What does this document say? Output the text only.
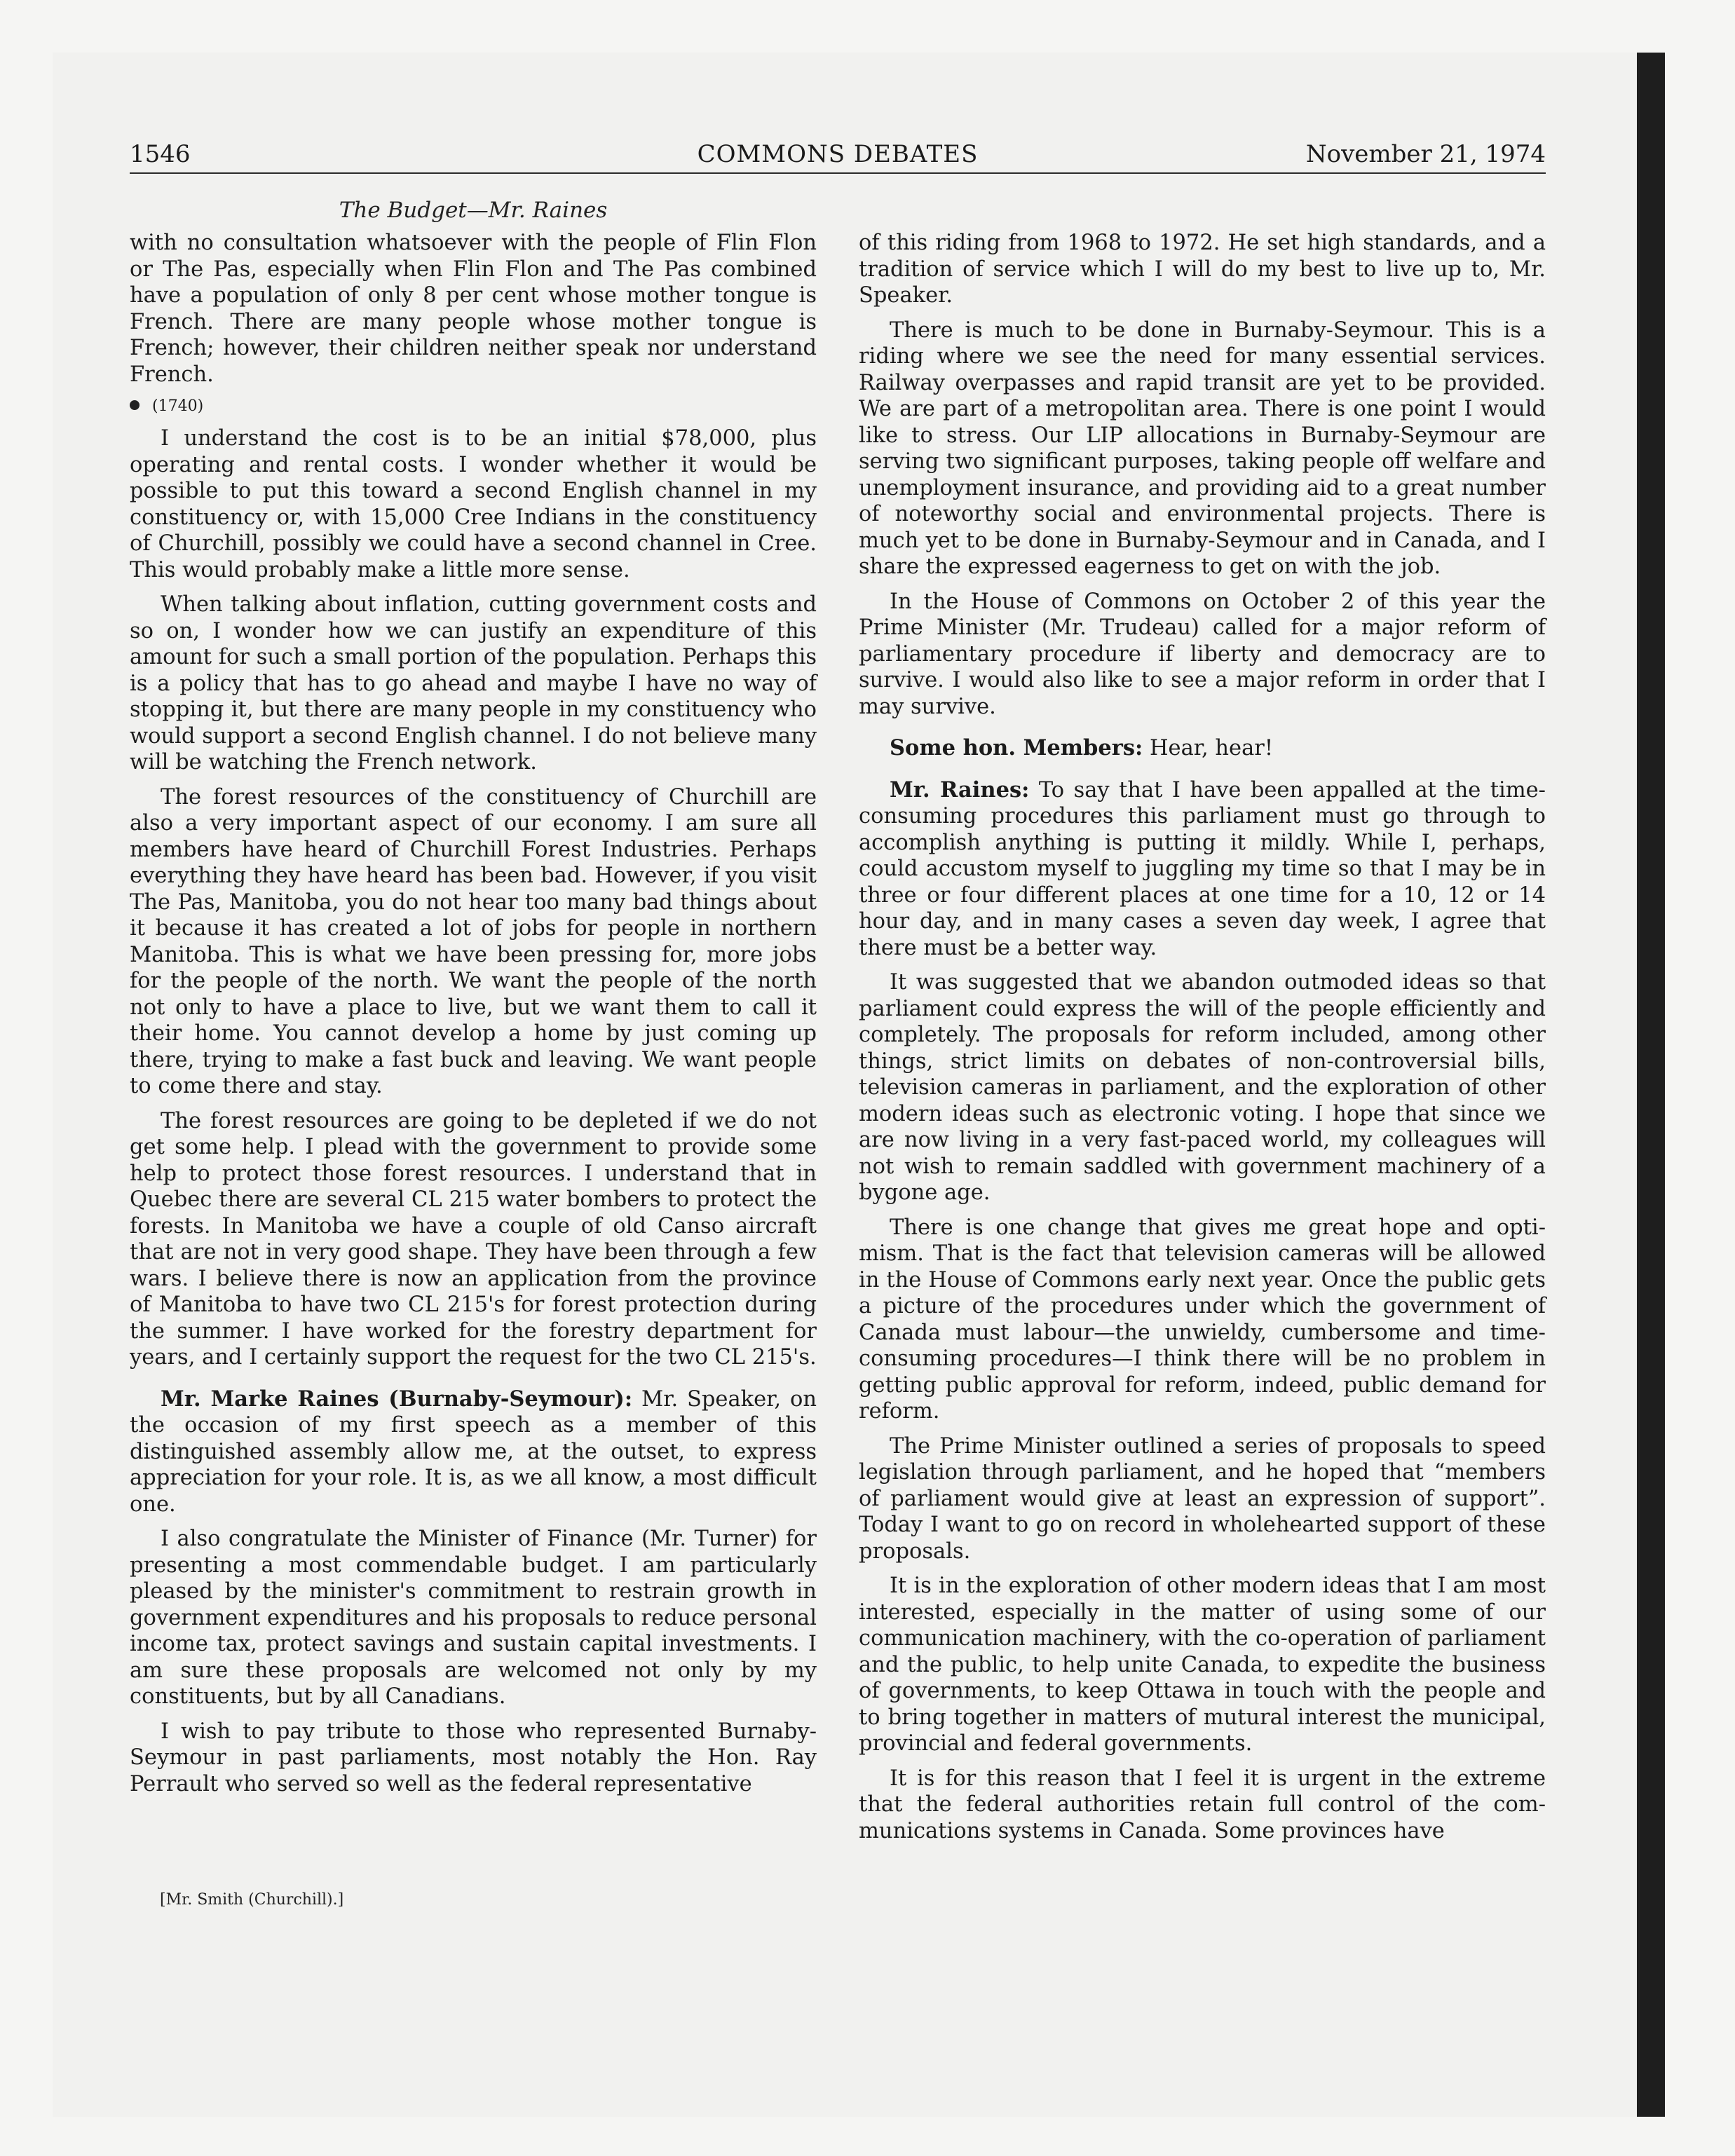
1546	COMMONS DEBATES	November 21, 1974
The Budget—Mr. Raines

with no consultation whatsoever with the people of Flin Flon or The Pas, especially when Flin Flon and The Pas combined have a population of only 8 per cent whose mother tongue is French. There are many people whose mother tongue is French; however, their children neither speak nor understand French.

(1740)

I understand the cost is to be an initial $78,000, plus operating and rental costs. I wonder whether it would be possible to put this toward a second English channel in my constituency or, with 15,000 Cree Indians in the constituency of Churchill, possibly we could have a second channel in Cree. This would probably make a little more sense.

When talking about inflation, cutting government costs and so on, I wonder how we can justify an expenditure of this amount for such a small portion of the population. Perhaps this is a policy that has to go ahead and maybe I have no way of stopping it, but there are many people in my constituency who would support a second English channel. I do not believe many will be watching the French network.

The forest resources of the constituency of Churchill are also a very important aspect of our economy. I am sure all members have heard of Churchill Forest Industries. Perhaps everything they have heard has been bad. However, if you visit The Pas, Manitoba, you do not hear too many bad things about it because it has created a lot of jobs for people in northern Manitoba. This is what we have been pressing for, more jobs for the people of the north. We want the people of the north not only to have a place to live, but we want them to call it their home. You cannot develop a home by just coming up there, trying to make a fast buck and leaving. We want people to come there and stay.

The forest resources are going to be depleted if we do not get some help. I plead with the government to provide some help to protect those forest resources. I understand that in Quebec there are several CL 215 water bombers to protect the forests. In Manitoba we have a couple of old Canso aircraft that are not in very good shape. They have been through a few wars. I believe there is now an application from the province of Manitoba to have two CL 215's for forest protection during the summer. I have worked for the forestry department for years, and I certainly support the request for the two CL 215's.

Mr. Marke Raines (Burnaby-Seymour): Mr. Speaker, on the occasion of my first speech as a member of this distinguished assembly allow me, at the outset, to express appreciation for your role. It is, as we all know, a most difficult one.

I also congratulate the Minister of Finance (Mr. Turner) for presenting a most commendable budget. I am particularly pleased by the minister's commitment to restrain growth in government expenditures and his proposals to reduce personal income tax, protect savings and sustain capital investments. I am sure these proposals are welcomed not only by my constituents, but by all Canadians.

I wish to pay tribute to those who represented Burnaby-Seymour in past parliaments, most notably the Hon. Ray Perrault who served so well as the federal representative

of this riding from 1968 to 1972. He set high standards, and a tradition of service which I will do my best to live up to, Mr. Speaker.

There is much to be done in Burnaby-Seymour. This is a riding where we see the need for many essential services. Railway overpasses and rapid transit are yet to be provided. We are part of a metropolitan area. There is one point I would like to stress. Our LIP allocations in Burnaby-Seymour are serving two significant purposes, taking people off welfare and unemployment insurance, and providing aid to a great number of noteworthy social and environmental projects. There is much yet to be done in Burnaby-Seymour and in Canada, and I share the expressed eagerness to get on with the job.

In the House of Commons on October 2 of this year the Prime Minister (Mr. Trudeau) called for a major reform of parliamentary procedure if liberty and democracy are to survive. I would also like to see a major reform in order that I may survive.

Some hon. Members: Hear, hear!

Mr. Raines: To say that I have been appalled at the time-consuming procedures this parliament must go through to accomplish anything is putting it mildly. While I, perhaps, could accustom myself to juggling my time so that I may be in three or four different places at one time for a 10, 12 or 14 hour day, and in many cases a seven day week, I agree that there must be a better way.

It was suggested that we abandon outmoded ideas so that parliament could express the will of the people efficiently and completely. The proposals for reform included, among other things, strict limits on debates of non-controversial bills, television cameras in parliament, and the exploration of other modern ideas such as electronic voting. I hope that since we are now living in a very fast-paced world, my colleagues will not wish to remain saddled with government machinery of a bygone age.

There is one change that gives me great hope and optimism. That is the fact that television cameras will be allowed in the House of Commons early next year. Once the public gets a picture of the procedures under which the government of Canada must labour—the unwieldy, cumbersome and time-consuming procedures—I think there will be no problem in getting public approval for reform, indeed, public demand for reform.

The Prime Minister outlined a series of proposals to speed legislation through parliament, and he hoped that “members of parliament would give at least an expression of support”. Today I want to go on record in wholehearted support of these proposals.

It is in the exploration of other modern ideas that I am most interested, especially in the matter of using some of our communication machinery, with the co-operation of parliament and the public, to help unite Canada, to expedite the business of governments, to keep Ottawa in touch with the people and to bring together in matters of mutural interest the municipal, provincial and federal governments.

It is for this reason that I feel it is urgent in the extreme that the federal authorities retain full control of the communications systems in Canada. Some provinces have

[Mr. Smith (Churchill).]
